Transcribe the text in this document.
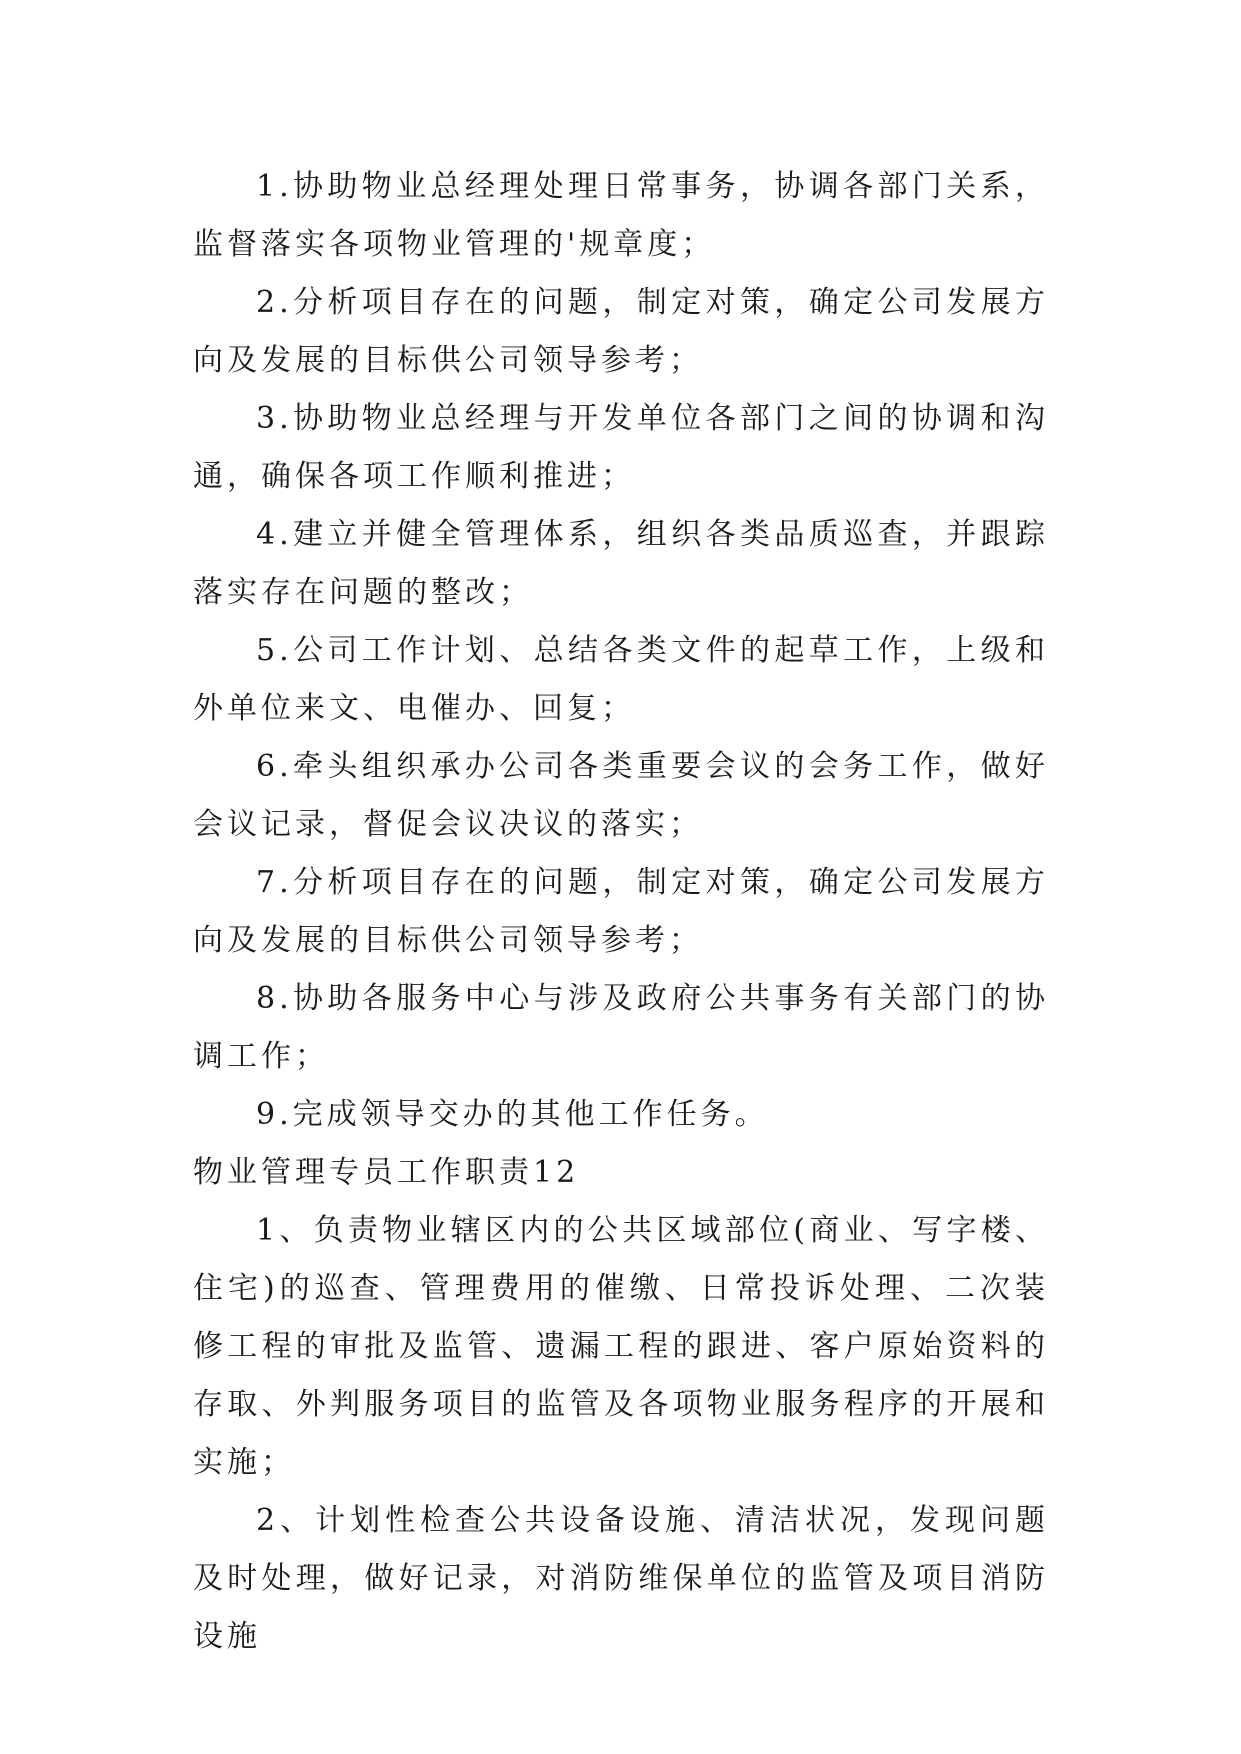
1.协助物业总经理处理日常事务，协调各部门关系，监督落实各项物业管理的'规章度；

2.分析项目存在的问题，制定对策，确定公司发展方向及发展的目标供公司领导参考；

3.协助物业总经理与开发单位各部门之间的协调和沟通，确保各项工作顺利推进；

4.建立并健全管理体系，组织各类品质巡查，并跟踪落实存在问题的整改；

5.公司工作计划、总结各类文件的起草工作，上级和外单位来文、电催办、回复；

6.牵头组织承办公司各类重要会议的会务工作，做好会议记录，督促会议决议的落实；

7.分析项目存在的问题，制定对策，确定公司发展方向及发展的目标供公司领导参考；

8.协助各服务中心与涉及政府公共事务有关部门的协调工作；

9.完成领导交办的其他工作任务。

物业管理专员工作职责12

1、负责物业辖区内的公共区域部位(商业、写字楼、住宅)的巡查、管理费用的催缴、日常投诉处理、二次装修工程的审批及监管、遗漏工程的跟进、客户原始资料的存取、外判服务项目的监管及各项物业服务程序的开展和实施；

2、计划性检查公共设备设施、清洁状况，发现问题及时处理，做好记录，对消防维保单位的监管及项目消防设施
